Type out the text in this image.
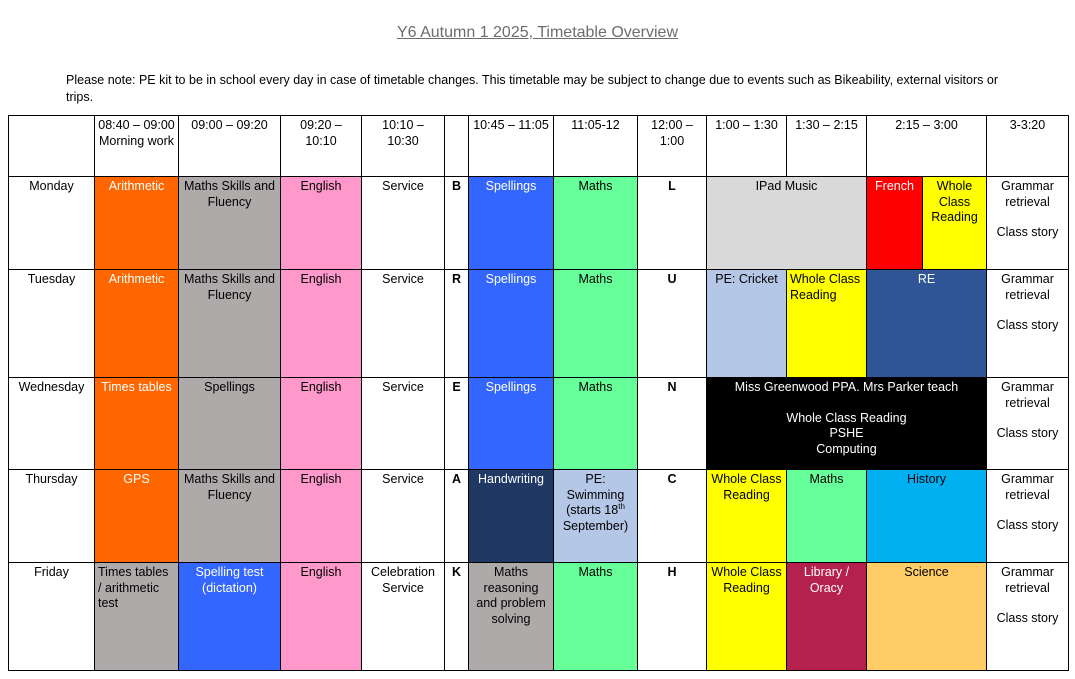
Y6 Autumn 1 2025, Timetable Overview
Please note: PE kit to be in school every day in case of timetable changes. This timetable may be subject to change due to events such as Bikeability, external visitors or trips.
	08:40 – 09:00
Morning work	09:00 – 09:20	09:20 – 10:10	10:10 – 10:30		10:45 – 11:05	11:05-12	12:00 – 1:00	1:00 – 1:30	1:30 – 2:15	2:15 – 3:00		3-3:20
Monday	Arithmetic	Maths Skills and Fluency	English	Service	B	Spellings	Maths	L	IPad Music		French	Whole Class Reading	Grammar retrieval
Class story
Tuesday	Arithmetic	Maths Skills and Fluency	English	Service	R	Spellings	Maths	U	PE: Cricket	Whole Class Reading	RE		Grammar retrieval
Class story
Wednesday	Times tables	Spellings	English	Service	E	Spellings	Maths	N	Miss Greenwood PPA. Mrs Parker teach
Whole Class Reading
PSHE
Computing				Grammar retrieval
Class story
Thursday	GPS	Maths Skills and Fluency	English	Service	A	Handwriting	PE: Swimming (starts 18th
September)	C	Whole Class Reading	Maths	History		Grammar retrieval
Class story
Friday	Times tables / arithmetic test	Spelling test (dictation)	English	Celebration Service	K	Maths reasoning and problem solving	Maths	H	Whole Class Reading	Library / Oracy	Science		Grammar retrieval
Class story
